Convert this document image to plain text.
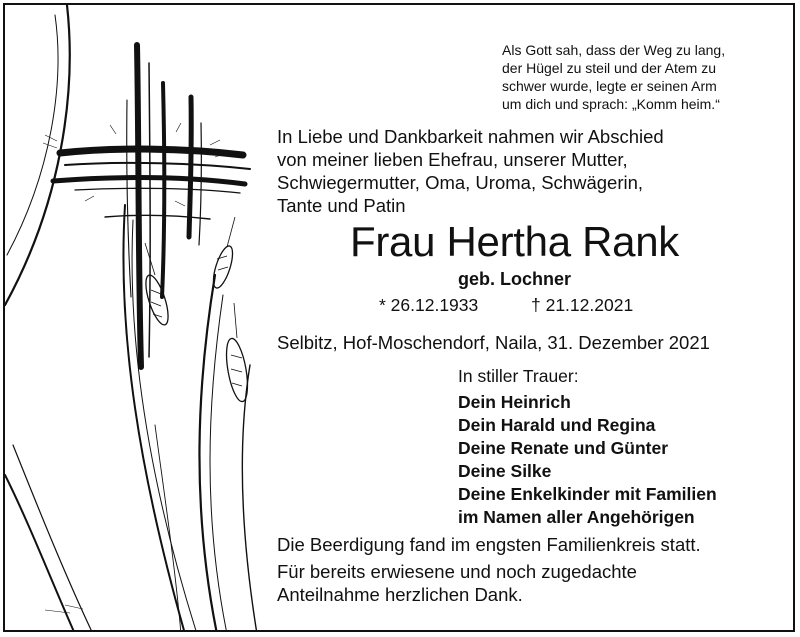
Als Gott sah, dass der Weg zu lang,
der Hügel zu steil und der Atem zu
schwer wurde, legte er seinen Arm
um dich und sprach: „Komm heim.“
In Liebe und Dankbarkeit nahmen wir Abschied
von meiner lieben Ehefrau, unserer Mutter,
Schwiegermutter, Oma, Uroma, Schwägerin,
Tante und Patin
Frau Hertha Rank
geb. Lochner
* 26.12.1933	† 21.12.2021
Selbitz, Hof-Moschendorf, Naila, 31. Dezember 2021
In stiller Trauer:
Dein Heinrich
Dein Harald und Regina
Deine Renate und Günter
Deine Silke
Deine Enkelkinder mit Familien
im Namen aller Angehörigen
Die Beerdigung fand im engsten Familienkreis statt.
Für bereits erwiesene und noch zugedachte
Anteilnahme herzlichen Dank.
